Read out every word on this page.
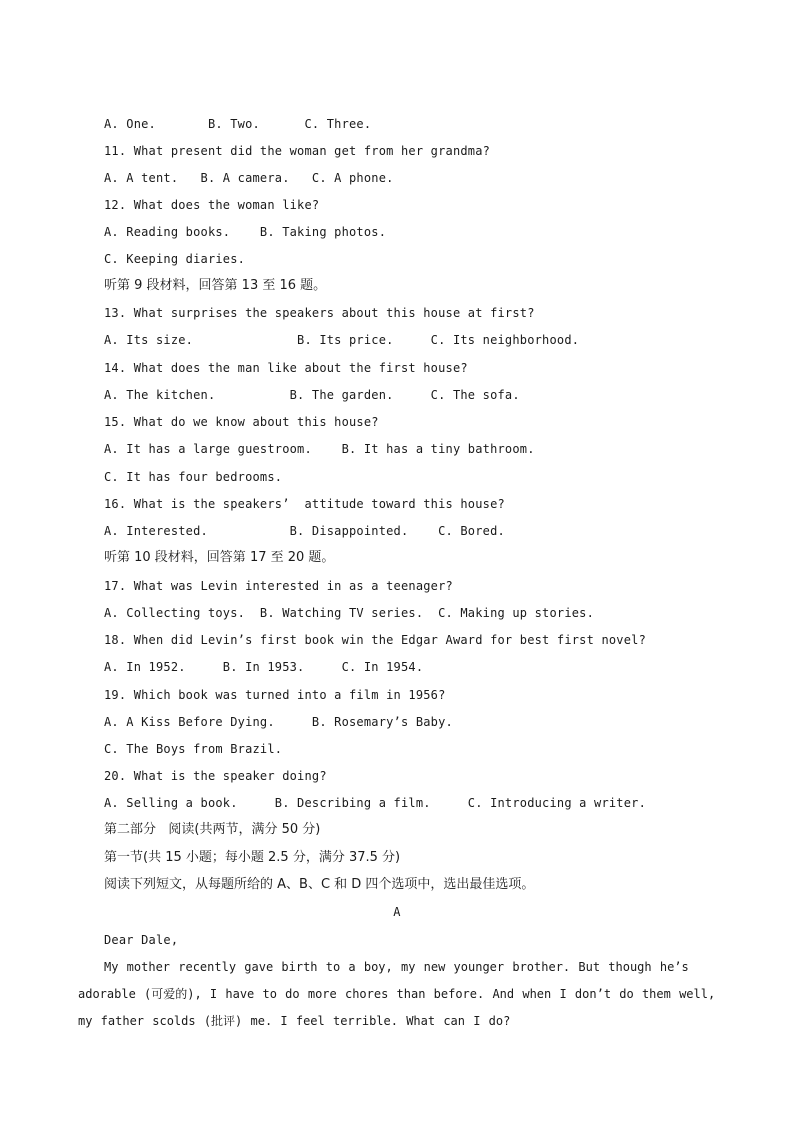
A. One.       B. Two.      C. Three.
11. What present did the woman get from her grandma?
A. A tent.   B. A camera.   C. A phone.
12. What does the woman like?
A. Reading books.    B. Taking photos.
C. Keeping diaries.
听第 9 段材料，回答第 13 至 16 题。
13. What surprises the speakers about this house at first?
A. Its size.              B. Its price.     C. Its neighborhood.
14. What does the man like about the first house?
A. The kitchen.          B. The garden.     C. The sofa.
15. What do we know about this house?
A. It has a large guestroom.    B. It has a tiny bathroom.
C. It has four bedrooms.
16. What is the speakers’  attitude toward this house?
A. Interested.           B. Disappointed.    C. Bored.
听第 10 段材料，回答第 17 至 20 题。
17. What was Levin interested in as a teenager?
A. Collecting toys.  B. Watching TV series.  C. Making up stories.
18. When did Levin’s first book win the Edgar Award for best first novel?
A. In 1952.     B. In 1953.     C. In 1954.
19. Which book was turned into a film in 1956?
A. A Kiss Before Dying.     B. Rosemary’s Baby.
C. The Boys from Brazil.
20. What is the speaker doing?
A. Selling a book.     B. Describing a film.     C. Introducing a writer.
第二部分   阅读(共两节，满分 50 分)
第一节(共 15 小题；每小题 2.5 分，满分 37.5 分)
阅读下列短文，从每题所给的 A、B、C 和 D 四个选项中，选出最佳选项。
A
Dear Dale,
My mother recently gave birth to a boy, my new younger brother. But though he’s adorable (可爱的), I have to do more chores than before. And when I don’t do them well, my father scolds (批评) me. I feel terrible. What can I do?
